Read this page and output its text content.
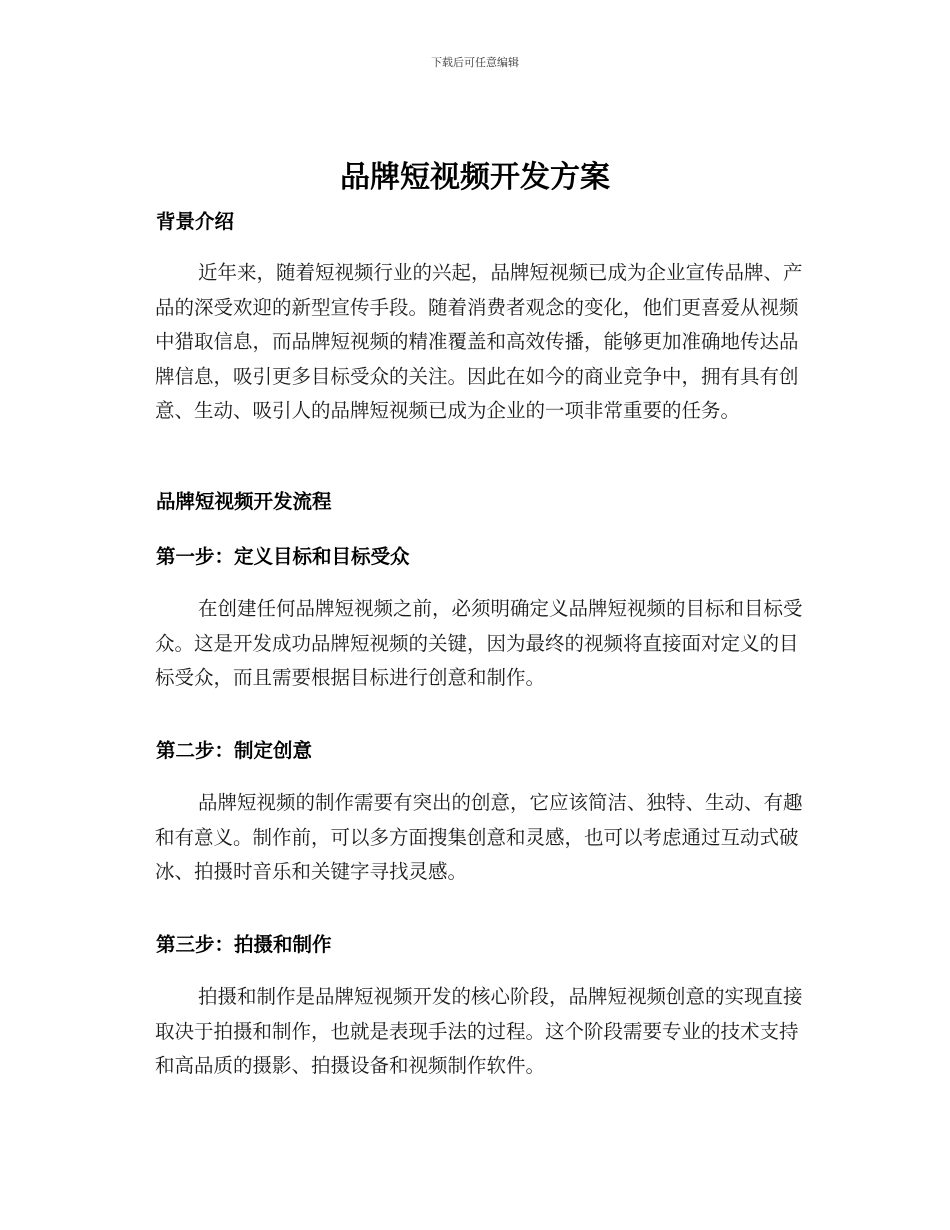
下载后可任意编辑
品牌短视频开发方案
背景介绍
近年来，随着短视频行业的兴起，品牌短视频已成为企业宣传品牌、产
品的深受欢迎的新型宣传手段。随着消费者观念的变化，他们更喜爱从视频
中猎取信息，而品牌短视频的精准覆盖和高效传播，能够更加准确地传达品
牌信息，吸引更多目标受众的关注。因此在如今的商业竞争中，拥有具有创
意、生动、吸引人的品牌短视频已成为企业的一项非常重要的任务。
品牌短视频开发流程
第一步：定义目标和目标受众
在创建任何品牌短视频之前，必须明确定义品牌短视频的目标和目标受
众。这是开发成功品牌短视频的关键，因为最终的视频将直接面对定义的目
标受众，而且需要根据目标进行创意和制作。
第二步：制定创意
品牌短视频的制作需要有突出的创意，它应该简洁、独特、生动、有趣
和有意义。制作前，可以多方面搜集创意和灵感，也可以考虑通过互动式破
冰、拍摄时音乐和关键字寻找灵感。
第三步：拍摄和制作
拍摄和制作是品牌短视频开发的核心阶段，品牌短视频创意的实现直接
取决于拍摄和制作，也就是表现手法的过程。这个阶段需要专业的技术支持
和高品质的摄影、拍摄设备和视频制作软件。
